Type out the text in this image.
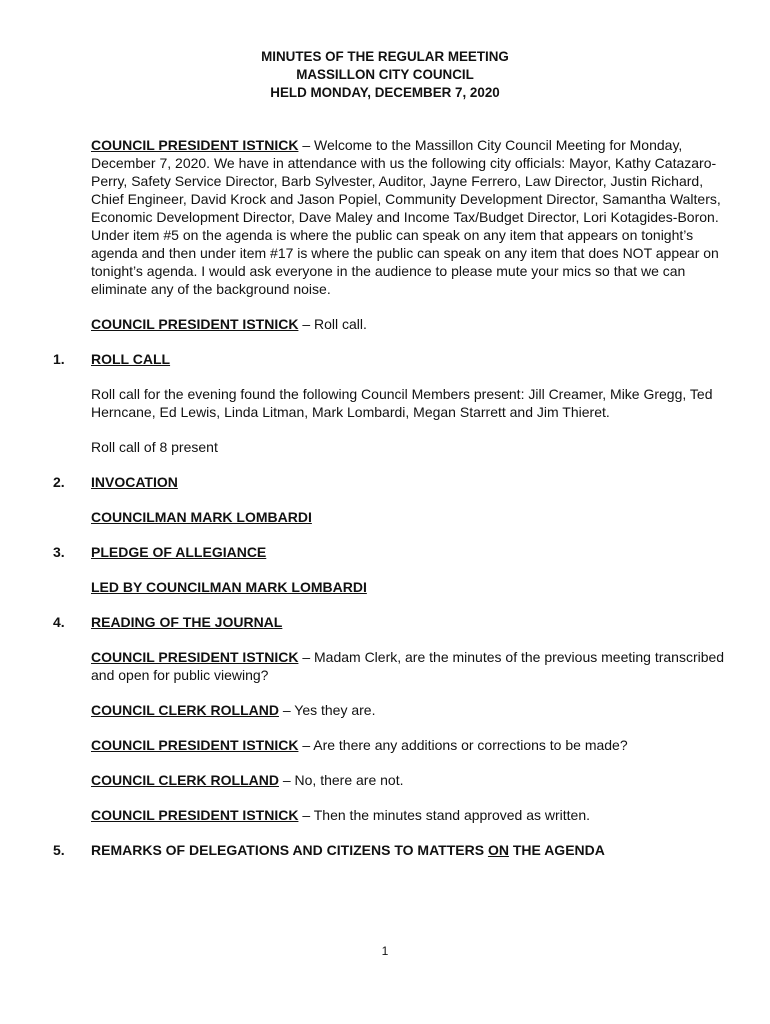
MINUTES OF THE REGULAR MEETING
MASSILLON CITY COUNCIL
HELD MONDAY, DECEMBER 7, 2020

COUNCIL PRESIDENT ISTNICK – Welcome to the Massillon City Council Meeting for Monday, December 7, 2020. We have in attendance with us the following city officials: Mayor, Kathy Catazaro-Perry, Safety Service Director, Barb Sylvester, Auditor, Jayne Ferrero, Law Director, Justin Richard, Chief Engineer, David Krock and Jason Popiel, Community Development Director, Samantha Walters, Economic Development Director, Dave Maley and Income Tax/Budget Director, Lori Kotagides-Boron. Under item #5 on the agenda is where the public can speak on any item that appears on tonight’s agenda and then under item #17 is where the public can speak on any item that does NOT appear on tonight’s agenda. I would ask everyone in the audience to please mute your mics so that we can eliminate any of the background noise.

COUNCIL PRESIDENT ISTNICK – Roll call.

1. ROLL CALL

Roll call for the evening found the following Council Members present: Jill Creamer, Mike Gregg, Ted Herncane, Ed Lewis, Linda Litman, Mark Lombardi, Megan Starrett and Jim Thieret.

Roll call of 8 present

2. INVOCATION

COUNCILMAN MARK LOMBARDI

3. PLEDGE OF ALLEGIANCE

LED BY COUNCILMAN MARK LOMBARDI

4. READING OF THE JOURNAL

COUNCIL PRESIDENT ISTNICK – Madam Clerk, are the minutes of the previous meeting transcribed and open for public viewing?

COUNCIL CLERK ROLLAND – Yes they are.

COUNCIL PRESIDENT ISTNICK – Are there any additions or corrections to be made?

COUNCIL CLERK ROLLAND – No, there are not.

COUNCIL PRESIDENT ISTNICK – Then the minutes stand approved as written.

5. REMARKS OF DELEGATIONS AND CITIZENS TO MATTERS ON THE AGENDA
1
